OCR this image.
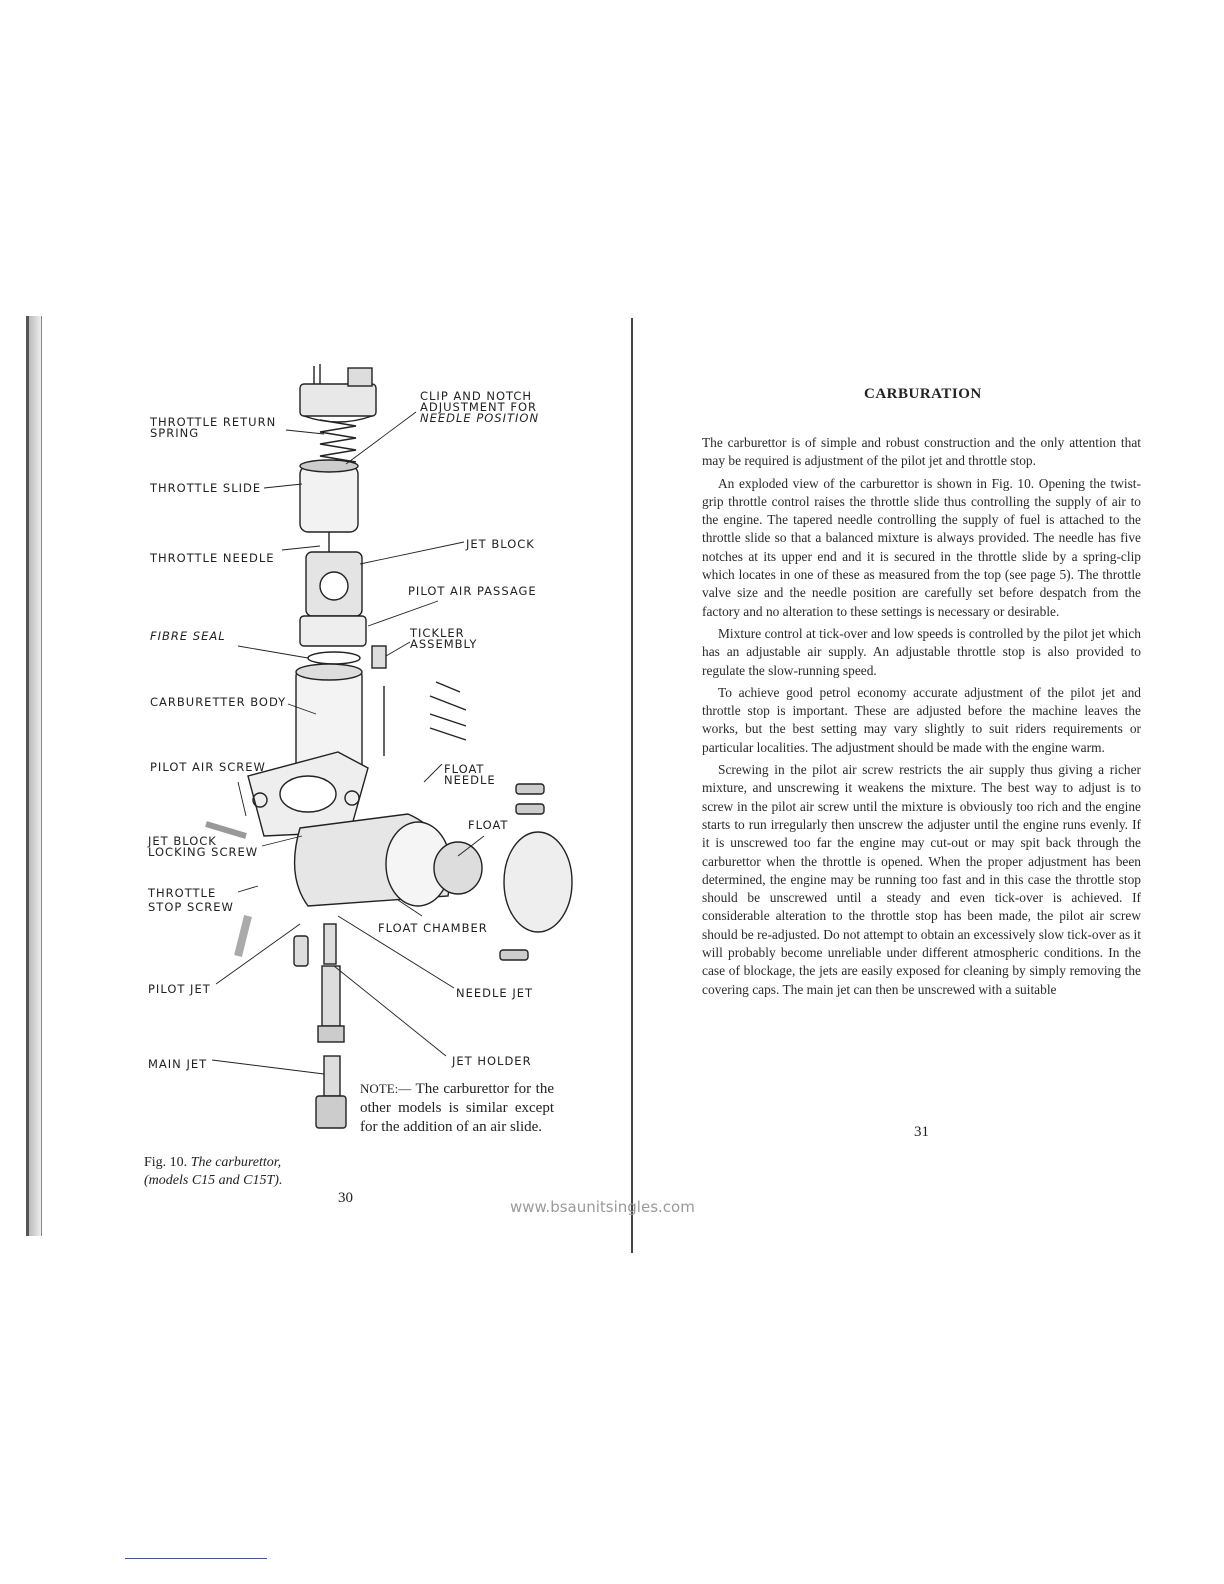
CLIP AND NOTCH
ADJUSTMENT FOR
NEEDLE POSITION
THROTTLE RETURN
SPRING
THROTTLE SLIDE
THROTTLE NEEDLE
JET BLOCK
PILOT AIR PASSAGE
FIBRE SEAL	TICKLER
ASSEMBLY
CARBURETTER BODY
PILOT AIR SCREW	FLOAT
NEEDLE
FLOAT
JET BLOCK
LOCKING SCREW
THROTTLE
STOP SCREW
FLOAT CHAMBER
PILOT JET	NEEDLE JET
JET HOLDER
MAIN JET
NOTE:— The carburettor for the other models is similar except for the addition of an air slide.
Fig. 10. The carburettor,
(models C15 and C15T).
30
CARBURATION

The carburettor is of simple and robust construction and the only attention that may be required is adjustment of the pilot jet and throttle stop.

An exploded view of the carburettor is shown in Fig. 10. Opening the twist-grip throttle control raises the throttle slide thus controlling the supply of air to the engine. The tapered needle controlling the supply of fuel is attached to the throttle slide so that a balanced mixture is always provided. The needle has five notches at its upper end and it is secured in the throttle slide by a spring-clip which locates in one of these as measured from the top (see page 5). The throttle valve size and the needle position are carefully set before despatch from the factory and no alteration to these settings is necessary or desirable.

Mixture control at tick-over and low speeds is controlled by the pilot jet which has an adjustable air supply. An adjustable throttle stop is also provided to regulate the slow-running speed.

To achieve good petrol economy accurate adjustment of the pilot jet and throttle stop is important. These are adjusted before the machine leaves the works, but the best setting may vary slightly to suit riders requirements or particular localities. The adjustment should be made with the engine warm.

Screwing in the pilot air screw restricts the air supply thus giving a richer mixture, and unscrewing it weakens the mixture. The best way to adjust is to screw in the pilot air screw until the mixture is obviously too rich and the engine starts to run irregularly then unscrew the adjuster until the engine runs evenly. If it is unscrewed too far the engine may cut-out or may spit back through the carburettor when the throttle is opened. When the proper adjustment has been determined, the engine may be running too fast and in this case the throttle stop should be unscrewed until a steady and even tick-over is achieved. If considerable alteration to the throttle stop has been made, the pilot air screw should be re-adjusted. Do not attempt to obtain an excessively slow tick-over as it will probably become unreliable under different atmospheric conditions. In the case of blockage, the jets are easily exposed for cleaning by simply removing the covering caps. The main jet can then be unscrewed with a suitable

31
www.bsaunitsingles.com
